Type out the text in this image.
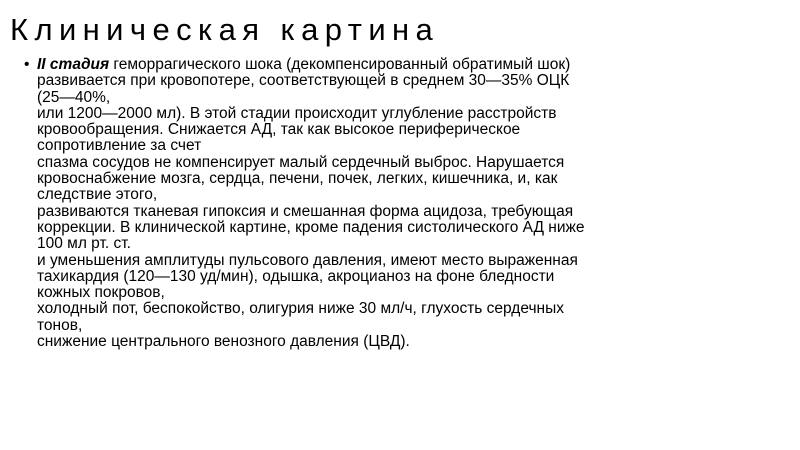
Клиническая картина
• II стадия геморрагического шока (декомпенсированный обратимый шок)
развивается при кровопотере, соответствующей в среднем 30—35% ОЦК
(25—40%,
или 1200—2000 мл). В этой стадии происходит углубление расстройств
кровообращения. Снижается АД, так как высокое периферическое
сопротивление за счет
спазма сосудов не компенсирует малый сердечный выброс. Нарушается
кровоснабжение мозга, сердца, печени, почек, легких, кишечника, и, как
следствие этого,
развиваются тканевая гипоксия и смешанная форма ацидоза, требующая
коррекции. В клинической картине, кроме падения систолического АД ниже
100 мл рт. ст.
и уменьшения амплитуды пульсового давления, имеют место выраженная
тахикардия (120—130 уд/мин), одышка, акроцианоз на фоне бледности
кожных покровов,
холодный пот, беспокойство, олигурия ниже 30 мл/ч, глухость сердечных
тонов,
снижение центрального венозного давления (ЦВД).
